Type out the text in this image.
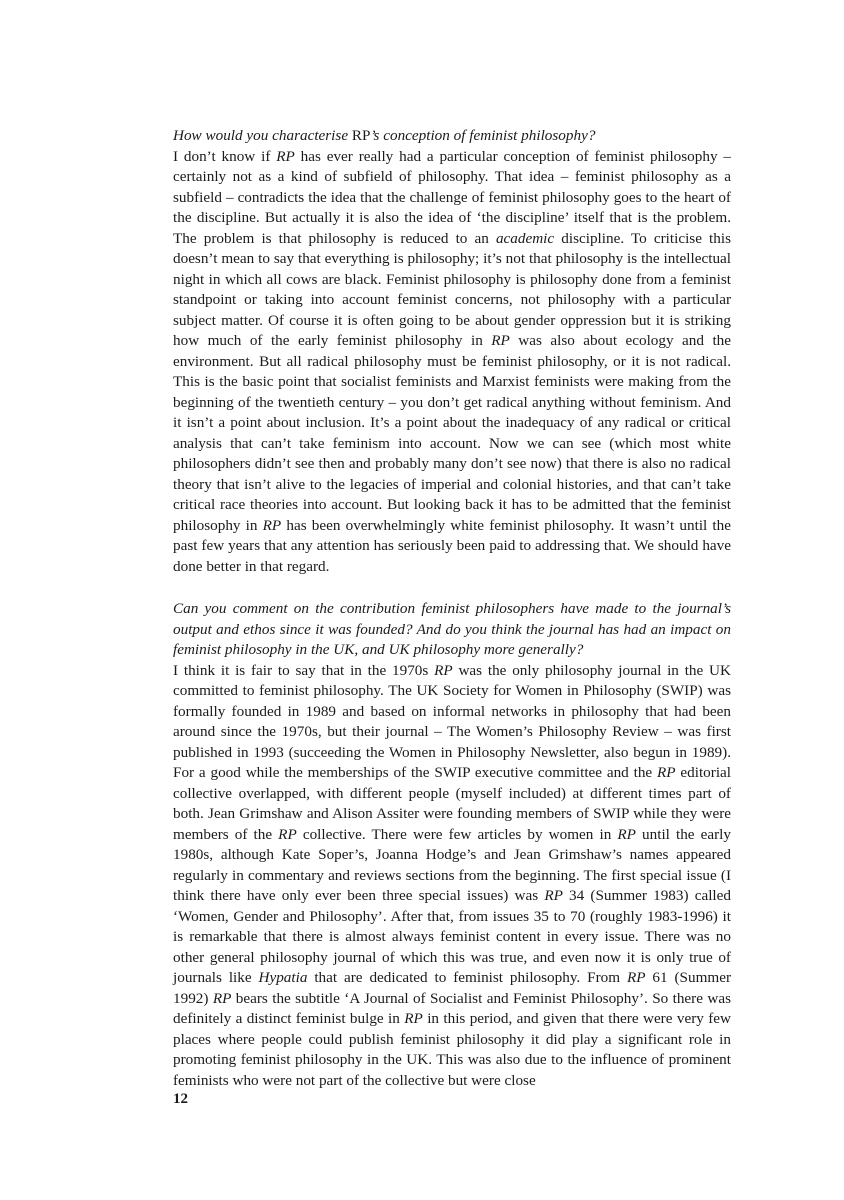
How would you characterise RP’s conception of feminist philosophy?

I don’t know if RP has ever really had a particular conception of feminist philosophy – certainly not as a kind of subfield of philosophy. That idea – feminist philosophy as a subfield – contradicts the idea that the challenge of feminist philosophy goes to the heart of the discipline. But actually it is also the idea of ‘the discipline’ itself that is the problem. The problem is that philosophy is reduced to an academic discipline. To criticise this doesn’t mean to say that everything is philosophy; it’s not that philosophy is the intellectual night in which all cows are black. Feminist philosophy is philosophy done from a feminist standpoint or taking into account feminist concerns, not philosophy with a particular subject matter. Of course it is often going to be about gender oppression but it is striking how much of the early feminist philosophy in RP was also about ecology and the environment. But all radical philosophy must be feminist philosophy, or it is not radical. This is the basic point that socialist feminists and Marxist feminists were making from the beginning of the twentieth century – you don’t get radical anything without feminism. And it isn’t a point about inclusion. It’s a point about the inadequacy of any radical or critical analysis that can’t take feminism into account. Now we can see (which most white philosophers didn’t see then and probably many don’t see now) that there is also no radical theory that isn’t alive to the legacies of imperial and colonial histories, and that can’t take critical race theories into account. But looking back it has to be admitted that the feminist philosophy in RP has been overwhelmingly white feminist philosophy. It wasn’t until the past few years that any attention has seriously been paid to addressing that. We should have done better in that regard.

Can you comment on the contribution feminist philosophers have made to the journal’s output and ethos since it was founded? And do you think the journal has had an impact on feminist philosophy in the UK, and UK philosophy more generally?

I think it is fair to say that in the 1970s RP was the only philosophy journal in the UK committed to feminist philosophy. The UK Society for Women in Philosophy (SWIP) was formally founded in 1989 and based on informal networks in philosophy that had been around since the 1970s, but their journal – The Women’s Philosophy Review – was first published in 1993 (succeeding the Women in Philosophy Newsletter, also begun in 1989). For a good while the memberships of the SWIP executive committee and the RP editorial collective overlapped, with different people (myself included) at different times part of both. Jean Grimshaw and Alison Assiter were founding members of SWIP while they were members of the RP collective. There were few articles by women in RP until the early 1980s, although Kate Soper’s, Joanna Hodge’s and Jean Grimshaw’s names appeared regularly in commentary and reviews sections from the beginning. The first special issue (I think there have only ever been three special issues) was RP 34 (Summer 1983) called ‘Women, Gender and Philosophy’. After that, from issues 35 to 70 (roughly 1983-1996) it is remarkable that there is almost always feminist content in every issue. There was no other general philosophy journal of which this was true, and even now it is only true of journals like Hypatia that are dedicated to feminist philosophy. From RP 61 (Summer 1992) RP bears the subtitle ‘A Journal of Socialist and Feminist Philosophy’. So there was definitely a distinct feminist bulge in RP in this period, and given that there were very few places where people could publish feminist philosophy it did play a significant role in promoting feminist philosophy in the UK. This was also due to the influence of prominent feminists who were not part of the collective but were close

12
